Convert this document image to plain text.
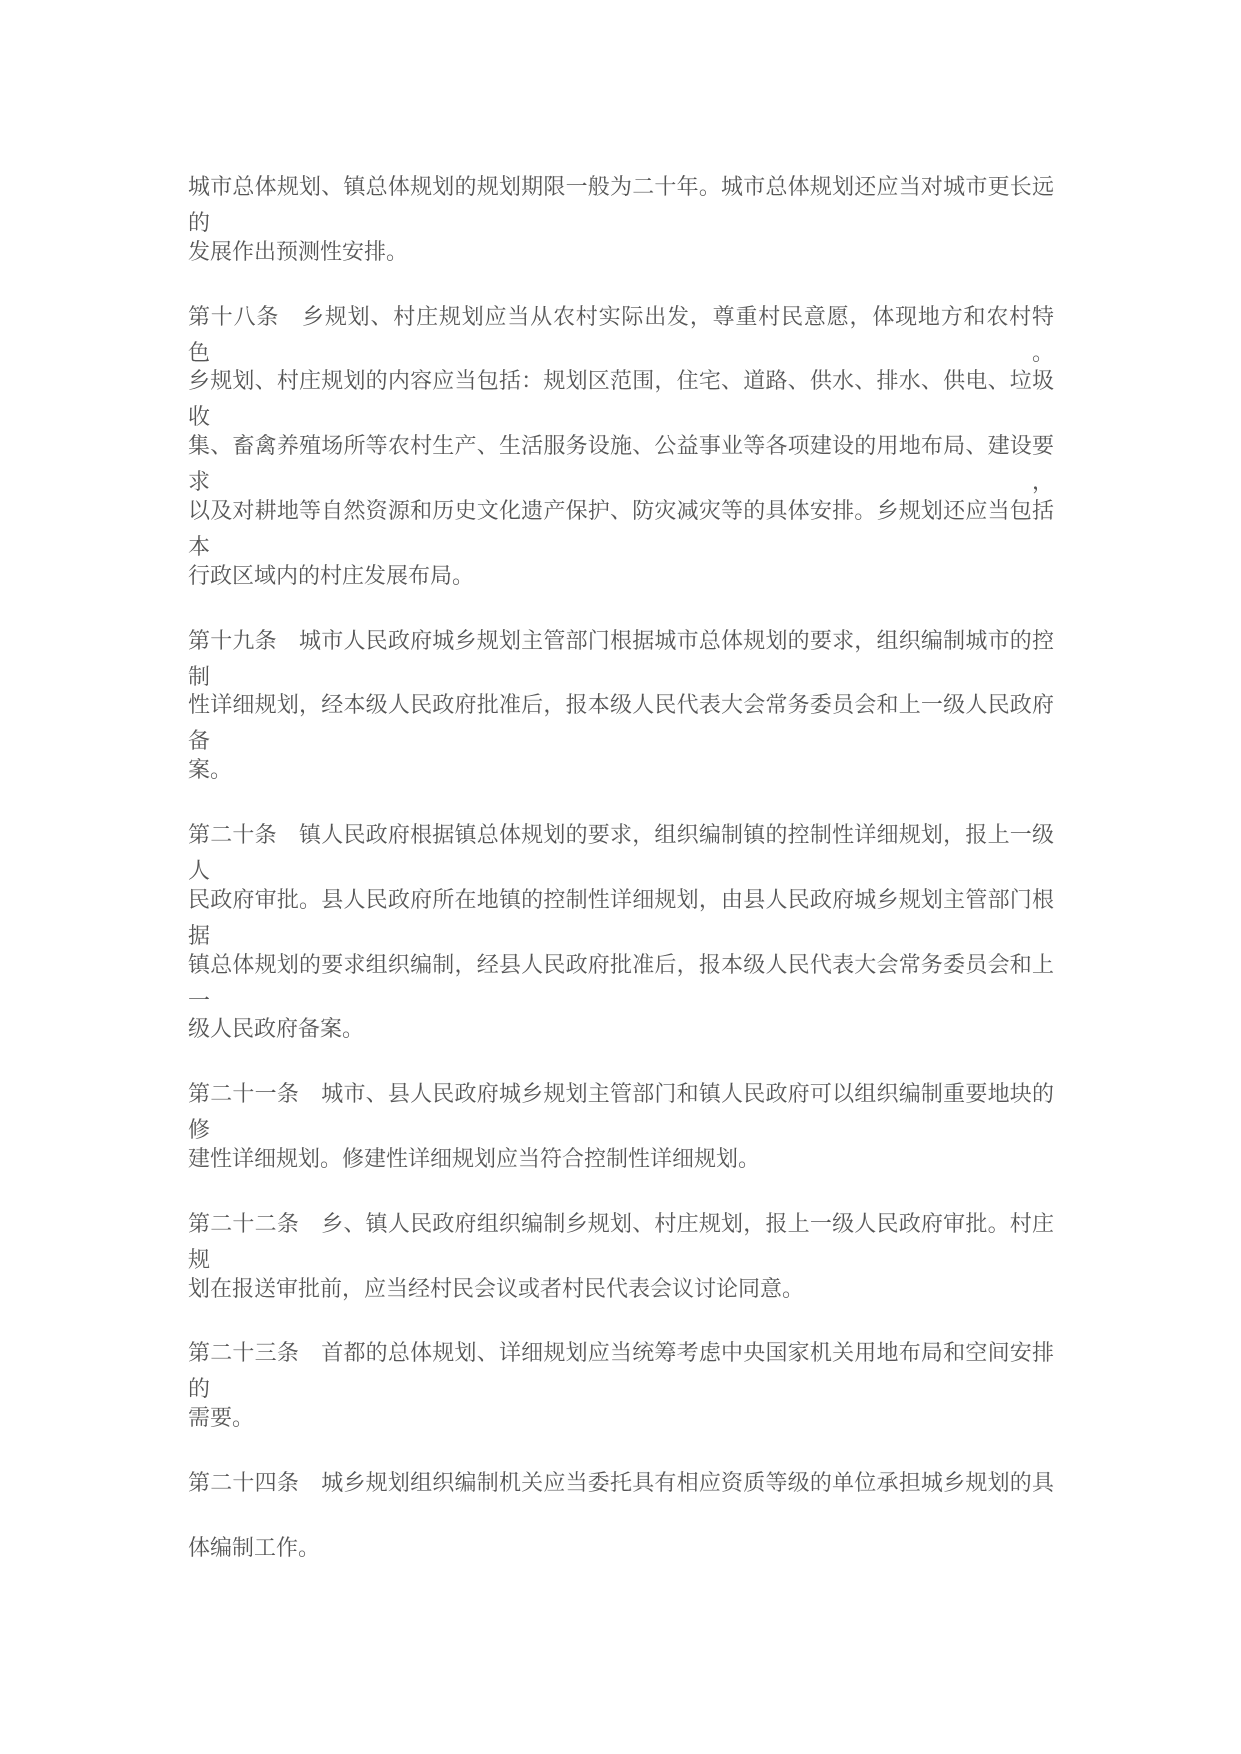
城市总体规划、镇总体规划的规划期限一般为二十年。城市总体规划还应当对城市更长远的
发展作出预测性安排。
第十八条　乡规划、村庄规划应当从农村实际出发，尊重村民意愿，体现地方和农村特色。
乡规划、村庄规划的内容应当包括：规划区范围，住宅、道路、供水、排水、供电、垃圾收
集、畜禽养殖场所等农村生产、生活服务设施、公益事业等各项建设的用地布局、建设要求，
以及对耕地等自然资源和历史文化遗产保护、防灾减灾等的具体安排。乡规划还应当包括本
行政区域内的村庄发展布局。
第十九条　城市人民政府城乡规划主管部门根据城市总体规划的要求，组织编制城市的控制
性详细规划，经本级人民政府批准后，报本级人民代表大会常务委员会和上一级人民政府备
案。
第二十条　镇人民政府根据镇总体规划的要求，组织编制镇的控制性详细规划，报上一级人
民政府审批。县人民政府所在地镇的控制性详细规划，由县人民政府城乡规划主管部门根据
镇总体规划的要求组织编制，经县人民政府批准后，报本级人民代表大会常务委员会和上一
级人民政府备案。
第二十一条　城市、县人民政府城乡规划主管部门和镇人民政府可以组织编制重要地块的修
建性详细规划。修建性详细规划应当符合控制性详细规划。
第二十二条　乡、镇人民政府组织编制乡规划、村庄规划，报上一级人民政府审批。村庄规
划在报送审批前，应当经村民会议或者村民代表会议讨论同意。
第二十三条　首都的总体规划、详细规划应当统筹考虑中央国家机关用地布局和空间安排的
需要。
第二十四条　城乡规划组织编制机关应当委托具有相应资质等级的单位承担城乡规划的具
体编制工作。
